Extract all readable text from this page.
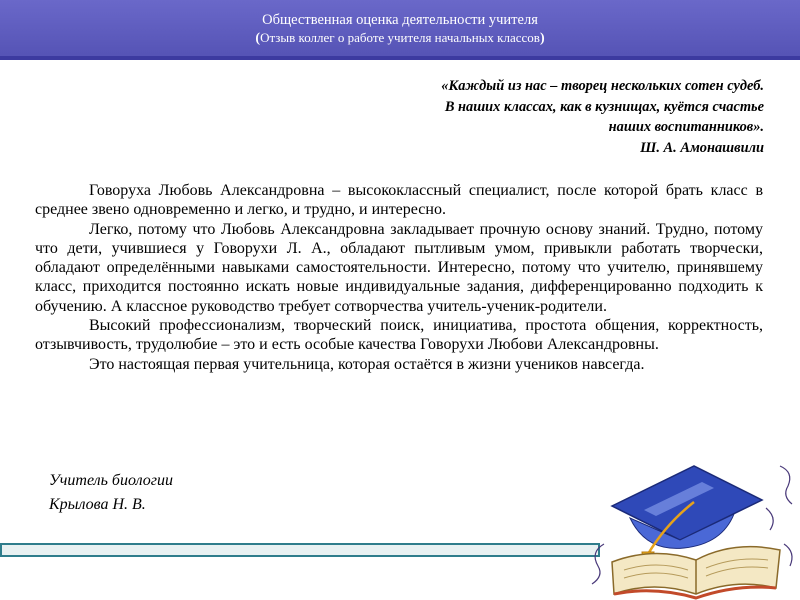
Общественная оценка деятельности учителя
(Отзыв коллег о работе учителя начальных классов)
«Каждый из нас – творец нескольких сотен судеб.
В наших классах, как в кузнищах, куётся счастье
наших воспитанников».
Ш. А. Амонашвили

Говоруха Любовь Александровна – высококлассный специалист, после которой брать класс в среднее звено одновременно и легко, и трудно, и интересно.

Легко, потому что Любовь Александровна закладывает прочную основу знаний. Трудно, потому что дети, учившиеся у Говорухи Л. А., обладают пытливым умом, привыкли работать творчески, обладают определёнными навыками самостоятельности. Интересно, потому что учителю, принявшему класс, приходится постоянно искать новые индивидуальные задания, дифференцированно подходить к обучению. А классное руководство требует сотворчества учитель-ученик-родители.

Высокий профессионализм, творческий поиск, инициатива, простота общения, корректность, отзывчивость, трудолюбие – это и есть особые качества Говорухи Любови Александровны.

Это настоящая первая учительница, которая остаётся в жизни учеников навсегда.

Учитель биологии
Крылова Н. В.
